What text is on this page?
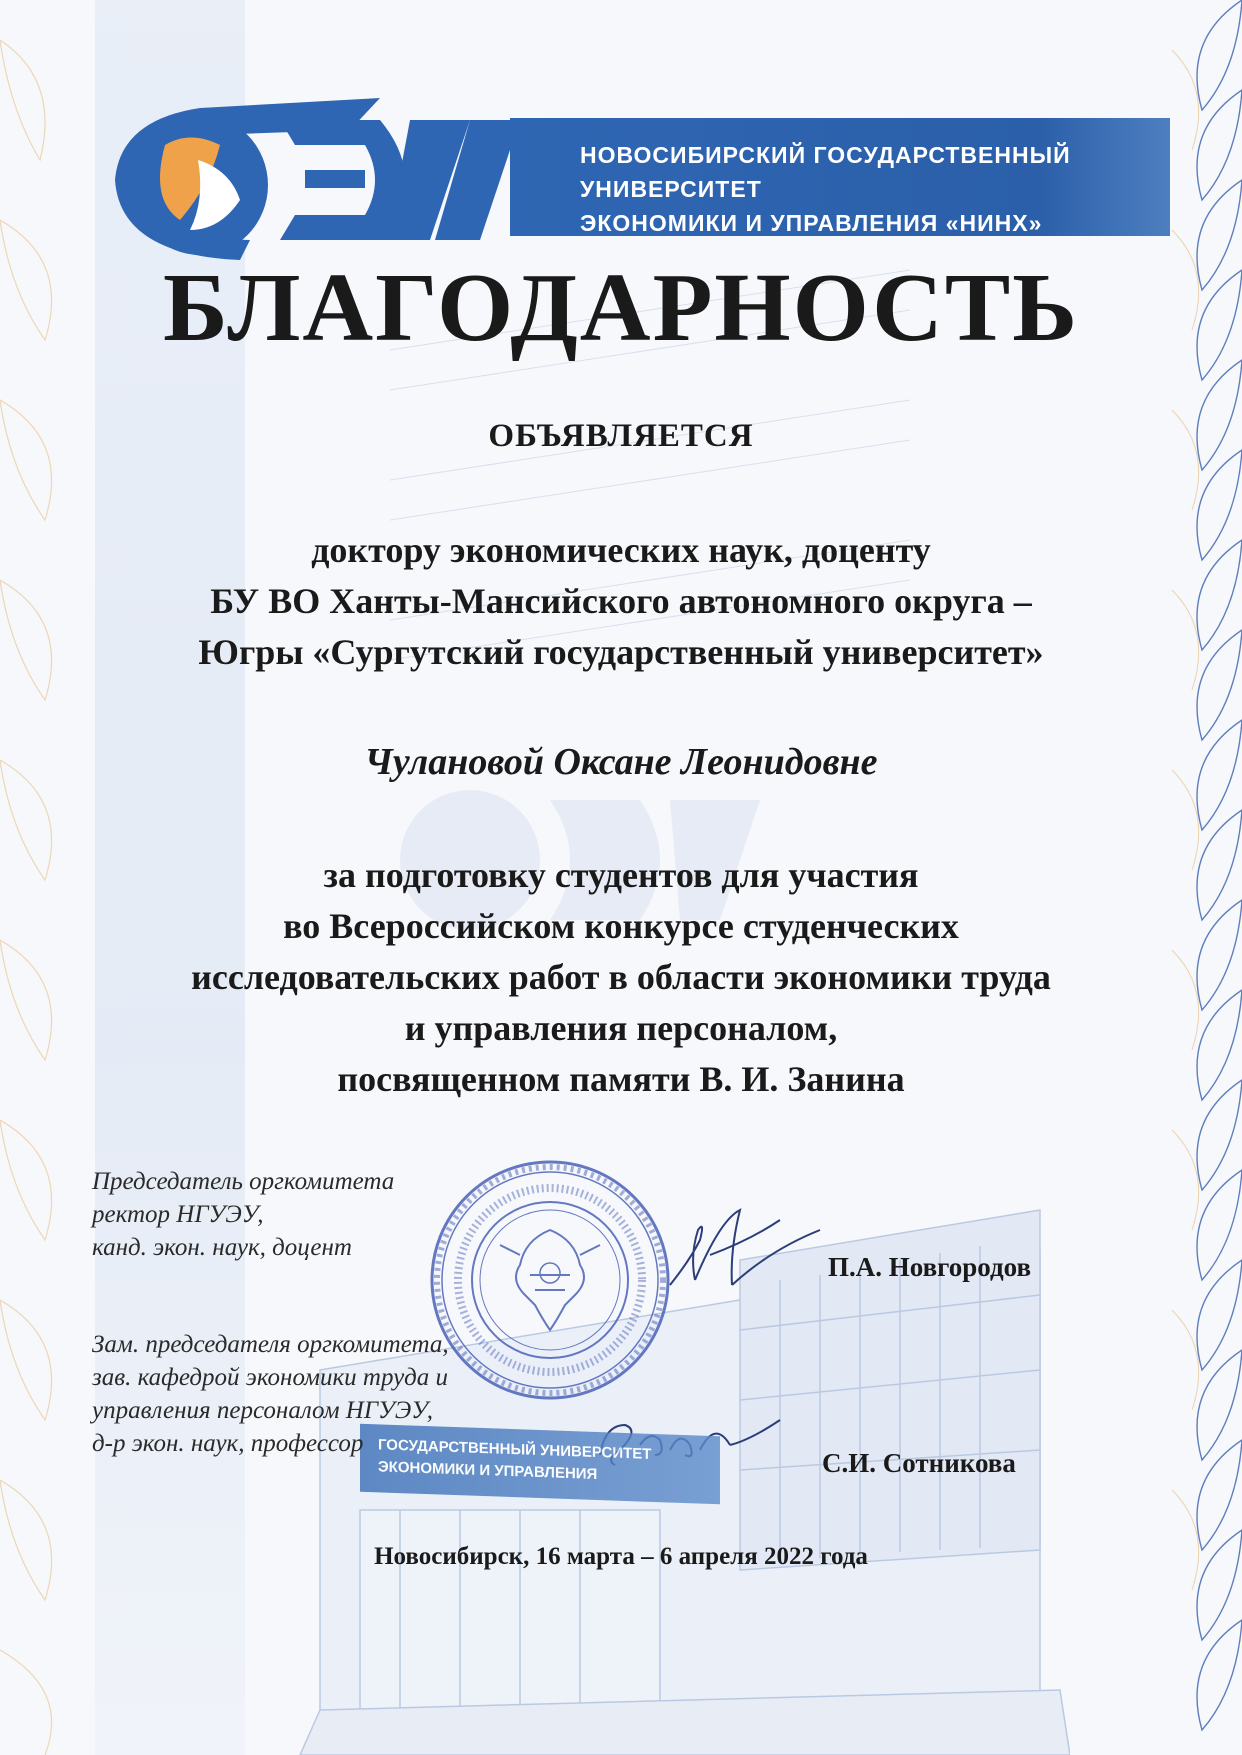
НОВОСИБИРСКИЙ ГОСУДАРСТВЕННЫЙ УНИВЕРСИТЕТ
ЭКОНОМИКИ И УПРАВЛЕНИЯ «НИНХ»
БЛАГОДАРНОСТЬ
ОБЪЯВЛЯЕТСЯ
доктору экономических наук, доценту
БУ ВО Ханты-Мансийского автономного округа –
Югры «Сургутский государственный университет»
Чулановой Оксане Леонидовне
за подготовку студентов для участия
во Всероссийском конкурсе студенческих
исследовательских работ в области экономики труда
и управления персоналом,
посвященном памяти В. И. Занина
ГОСУДАРСТВЕННЫЙ УНИВЕРСИТЕТ
ЭКОНОМИКИ И УПРАВЛЕНИЯ
Председатель оргкомитета
ректор НГУЭУ,
канд. экон. наук, доцент
П.А. Новгородов
Зам. председателя оргкомитета,
зав. кафедрой экономики труда и
управления персоналом НГУЭУ,
д-р экон. наук, профессор
С.И. Сотникова
Новосибирск, 16 марта – 6 апреля 2022 года
